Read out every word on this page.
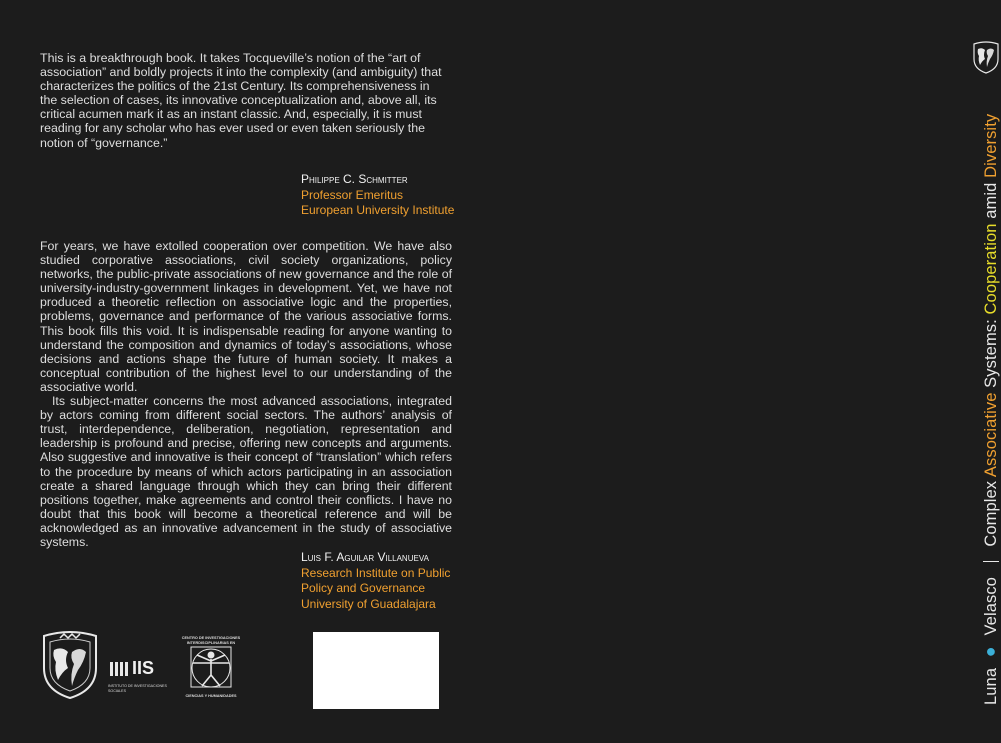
This is a breakthrough book. It takes Tocqueville’s notion of the “art of association” and boldly projects it into the complexity (and ambiguity) that characterizes the politics of the 21st Century. Its comprehensiveness in the selection of cases, its innovative conceptualization and, above all, its critical acumen mark it as an instant classic. And, especially, it is must reading for any scholar who has ever used or even taken seriously the notion of “governance.”

Philippe C. Schmitter
Professor Emeritus
European University Institute

For years, we have extolled cooperation over competition. We have also studied corporative associations, civil society organizations, policy networks, the public-private associations of new governance and the role of university-industry-government linkages in development. Yet, we have not produced a theoretic reflection on associative logic and the properties, problems, governance and performance of the various associative forms. This book fills this void. It is indispensable reading for anyone wanting to understand the composition and dynamics of today’s associations, whose decisions and actions shape the future of human society. It makes a conceptual contribution of the highest level to our understanding of the associative world.

Its subject-matter concerns the most advanced associations, integrated by actors coming from different social sectors. The authors’ analysis of trust, interdependence, deliberation, negotiation, representation and leadership is profound and precise, offering new concepts and arguments. Also suggestive and innovative is their concept of “translation” which refers to the procedure by means of which actors participating in an association create a shared language through which they can bring their different positions together, make agreements and control their conflicts. I have no doubt that this book will become a theoretical reference and will be acknowledged as an innovative advancement in the study of associative systems.

Luis F. Aguilar Villanueva
Research Institute on Public Policy and Governance
University of Guadalajara
IIS
INSTITUTO DE INVESTIGACIONES SOCIALES
CENTRO DE INVESTIGACIONES INTERDISCIPLINARIAS EN
CIENCIAS Y HUMANIDADES	Luna ● Velasco  Complex Associative Systems: Cooperation amid Diversity
